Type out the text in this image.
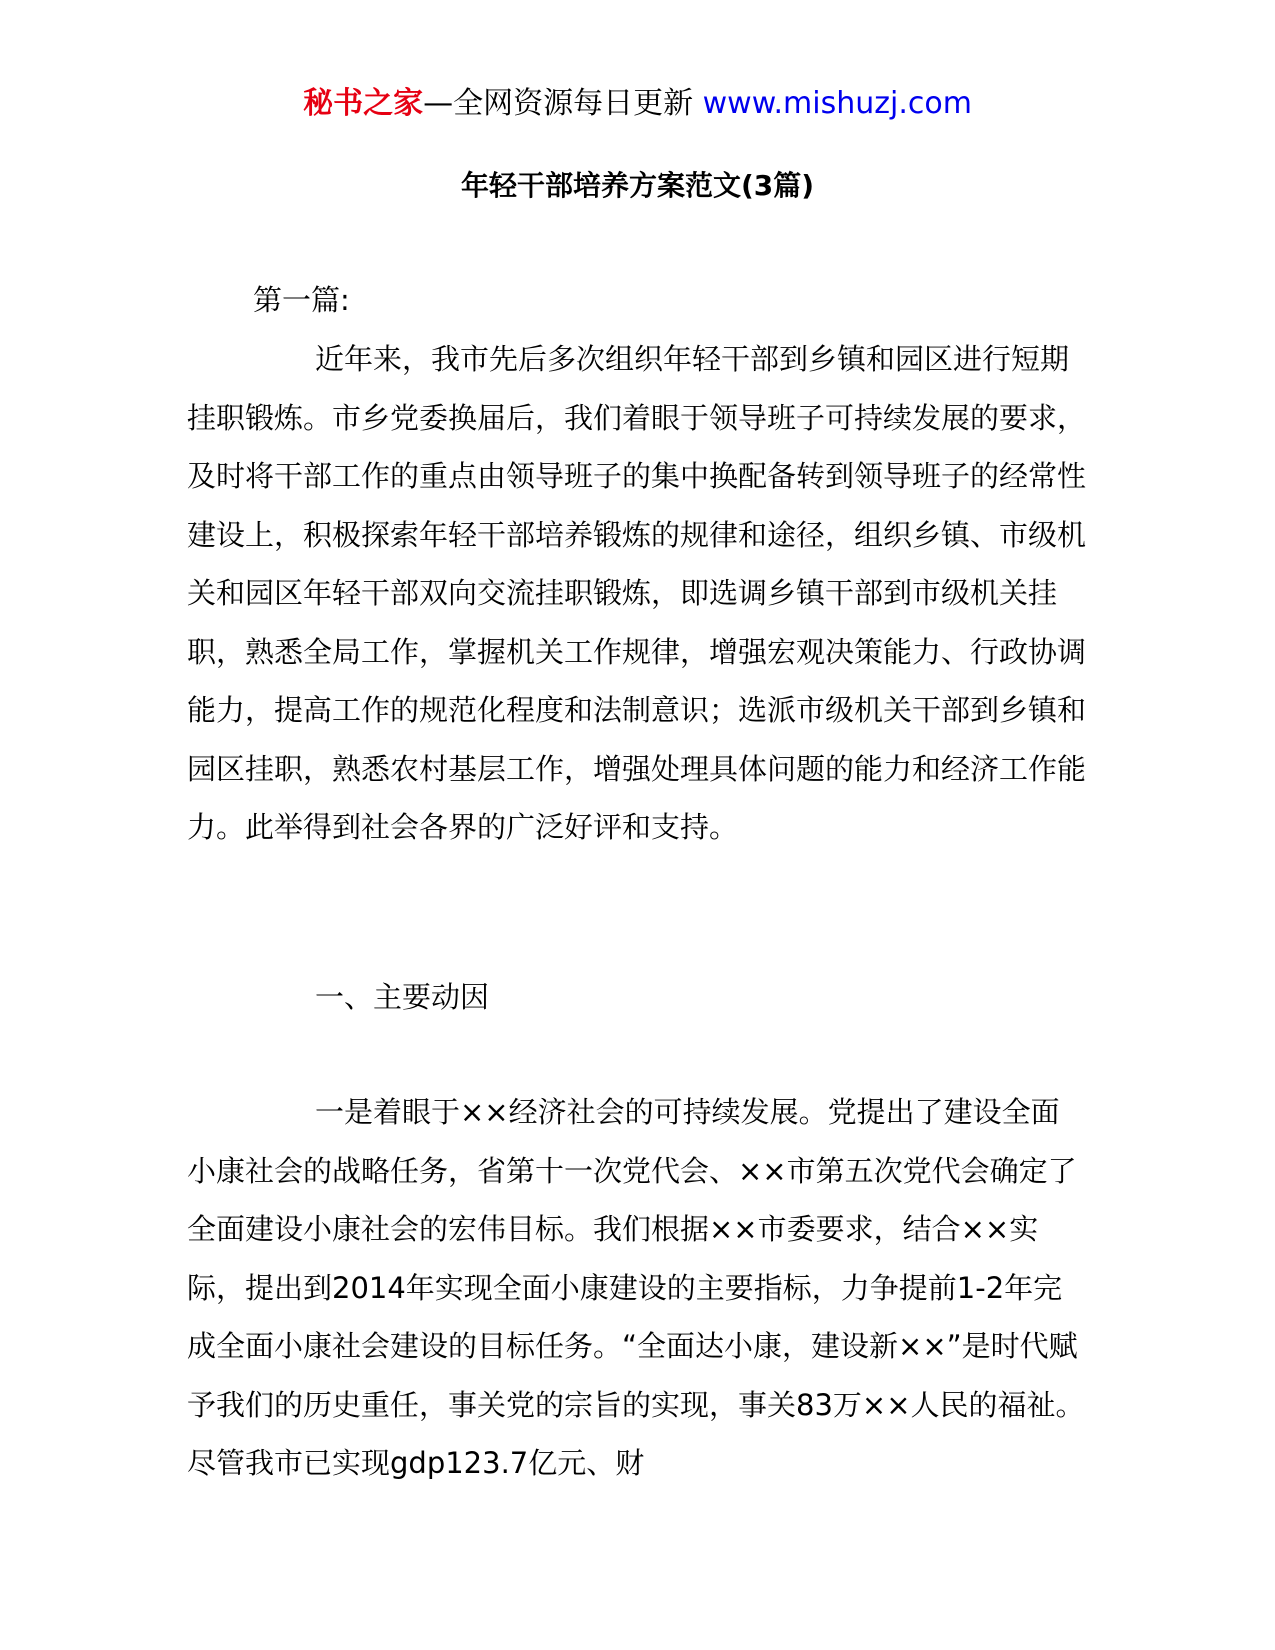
秘书之家—全网资源每日更新 www.mishuzj.com
年轻干部培养方案范文(3篇)

第一篇:

近年来，我市先后多次组织年轻干部到乡镇和园区进行短期挂职锻炼。市乡党委换届后，我们着眼于领导班子可持续发展的要求，及时将干部工作的重点由领导班子的集中换配备转到领导班子的经常性建设上，积极探索年轻干部培养锻炼的规律和途径，组织乡镇、市级机关和园区年轻干部双向交流挂职锻炼，即选调乡镇干部到市级机关挂职，熟悉全局工作，掌握机关工作规律，增强宏观决策能力、行政协调能力，提高工作的规范化程度和法制意识；选派市级机关干部到乡镇和园区挂职，熟悉农村基层工作，增强处理具体问题的能力和经济工作能力。此举得到社会各界的广泛好评和支持。

一、主要动因

一是着眼于××经济社会的可持续发展。党提出了建设全面小康社会的战略任务，省第十一次党代会、××市第五次党代会确定了全面建设小康社会的宏伟目标。我们根据××市委要求，结合××实际，提出到2014年实现全面小康建设的主要指标，力争提前1-2年完成全面小康社会建设的目标任务。“全面达小康，建设新××”是时代赋予我们的历史重任，事关党的宗旨的实现，事关83万××人民的福祉。尽管我市已实现gdp123.7亿元、财
